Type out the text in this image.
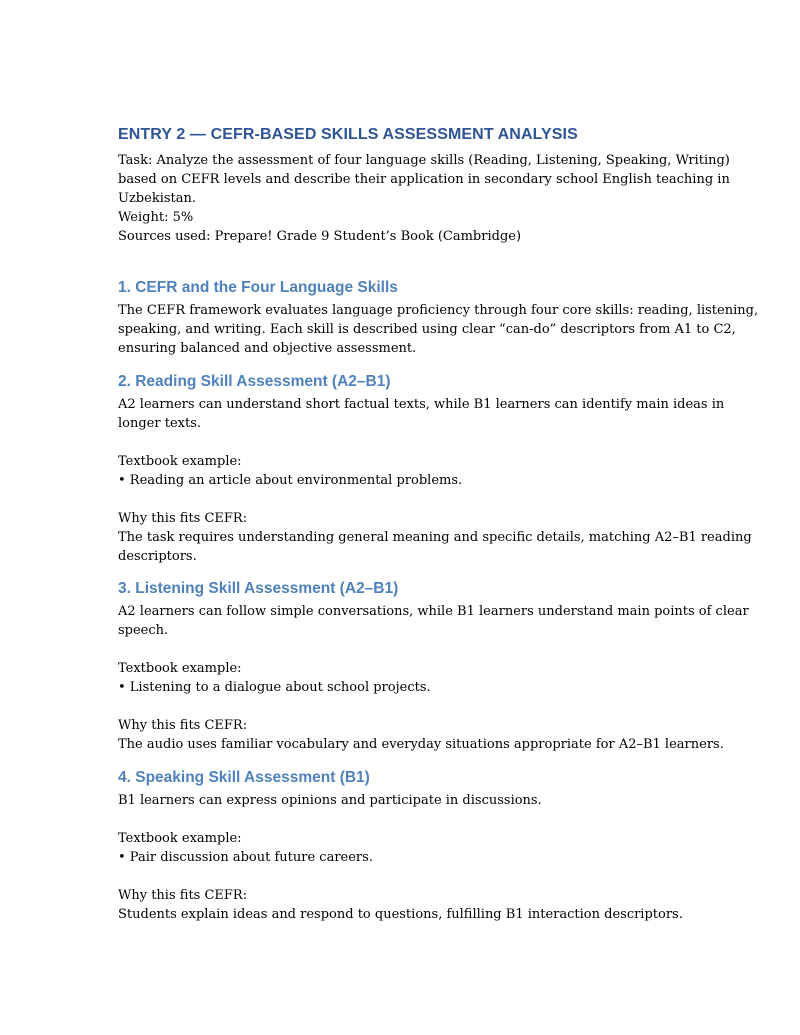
ENTRY 2 — CEFR-BASED SKILLS ASSESSMENT ANALYSIS
Task: Analyze the assessment of four language skills (Reading, Listening, Speaking, Writing)
based on CEFR levels and describe their application in secondary school English teaching in
Uzbekistan.
Weight: 5%
Sources used: Prepare! Grade 9 Student’s Book (Cambridge)
1. CEFR and the Four Language Skills
The CEFR framework evaluates language proficiency through four core skills: reading, listening,
speaking, and writing. Each skill is described using clear “can-do” descriptors from A1 to C2,
ensuring balanced and objective assessment.
2. Reading Skill Assessment (A2–B1)
A2 learners can understand short factual texts, while B1 learners can identify main ideas in
longer texts.

Textbook example:
• Reading an article about environmental problems.

Why this fits CEFR:
The task requires understanding general meaning and specific details, matching A2–B1 reading
descriptors.
3. Listening Skill Assessment (A2–B1)
A2 learners can follow simple conversations, while B1 learners understand main points of clear
speech.

Textbook example:
• Listening to a dialogue about school projects.

Why this fits CEFR:
The audio uses familiar vocabulary and everyday situations appropriate for A2–B1 learners.
4. Speaking Skill Assessment (B1)
B1 learners can express opinions and participate in discussions.

Textbook example:
• Pair discussion about future careers.

Why this fits CEFR:
Students explain ideas and respond to questions, fulfilling B1 interaction descriptors.
